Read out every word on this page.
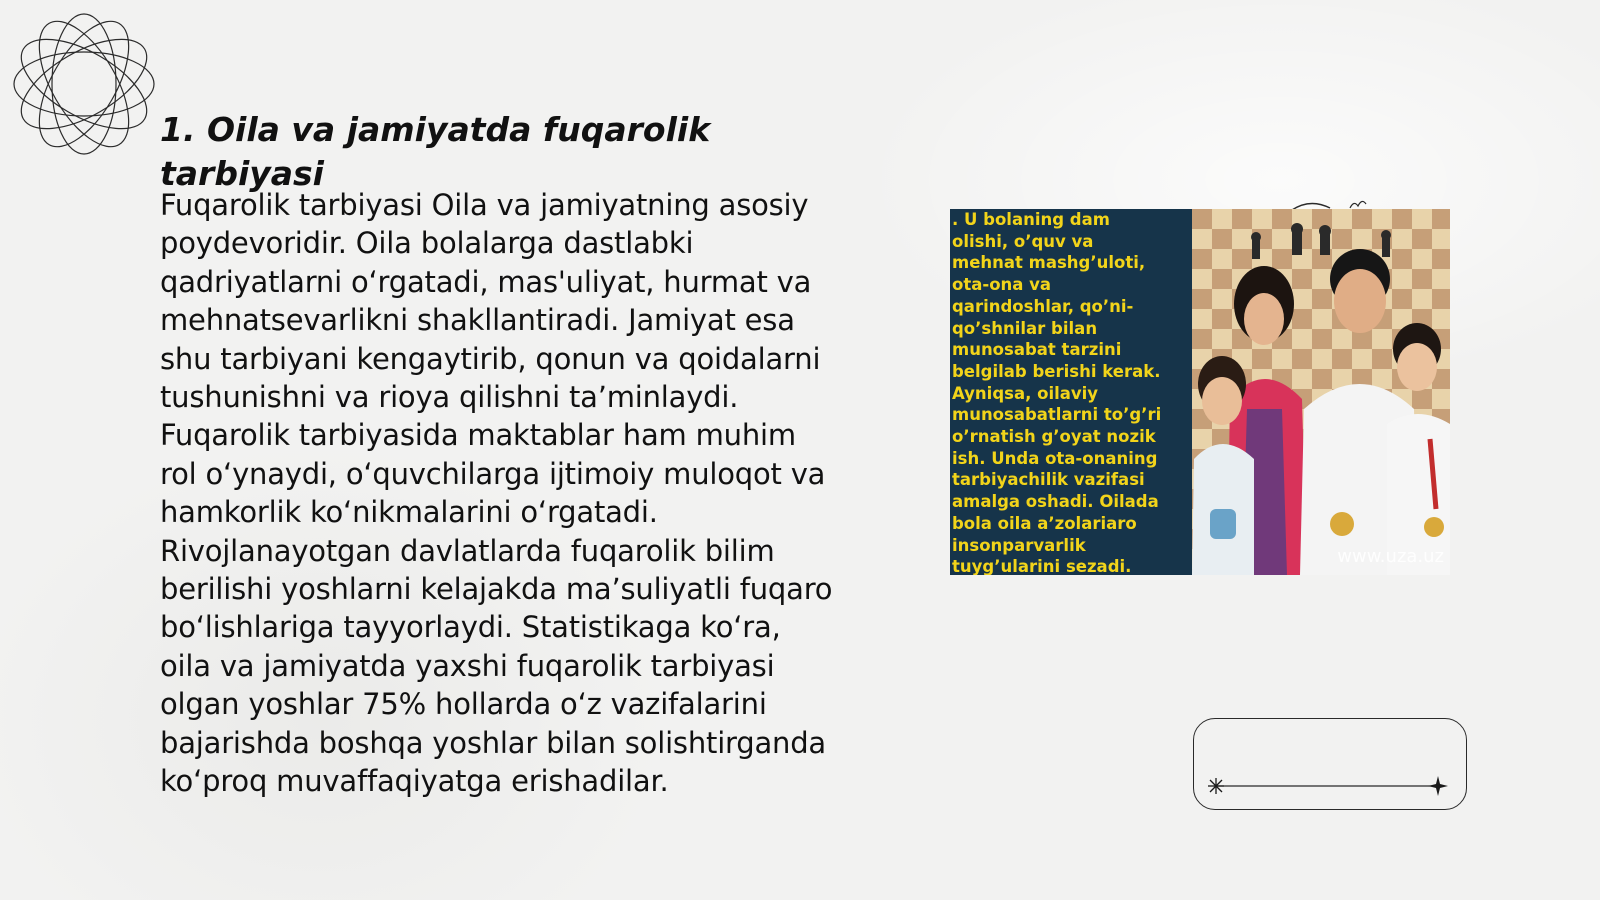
1. Oila va jamiyatda fuqarolik tarbiyasi

Fuqarolik tarbiyasi Oila va jamiyatning asosiy poydevoridir. Oila bolalarga dastlabki qadriyatlarni oʻrgatadi, mas'uliyat, hurmat va mehnatsevarlikni shakllantiradi. Jamiyat esa shu tarbiyani kengaytirib, qonun va qoidalarni tushunishni va rioya qilishni taʼminlaydi. Fuqarolik tarbiyasida maktablar ham muhim rol oʻynaydi, oʻquvchilarga ijtimoiy muloqot va hamkorlik koʻnikmalarini oʻrgatadi. Rivojlanayotgan davlatlarda fuqarolik bilim berilishi yoshlarni kelajakda maʼsuliyatli fuqaro boʻlishlariga tayyorlaydi. Statistikaga koʻra, oila va jamiyatda yaxshi fuqarolik tarbiyasi olgan yoshlar 75% hollarda oʻz vazifalarini bajarishda boshqa yoshlar bilan solishtirganda koʻproq muvaffaqiyatga erishadilar.

. U bolaning dam
olishi, o’quv va
mehnat mashg’uloti,
ota-ona va
qarindoshlar, qo’ni-
qo’shnilar bilan
munosabat tarzini
belgilab berishi kerak.
Ayniqsa, oilaviy
munosabatlarni to’g’ri
o’rnatish g’oyat nozik
ish. Unda ota-onaning
tarbiyachilik vazifasi
amalga oshadi. Oilada
bola oila a’zolariaro
insonparvarlik
tuyg’ularini sezadi.	www.uza.uz
